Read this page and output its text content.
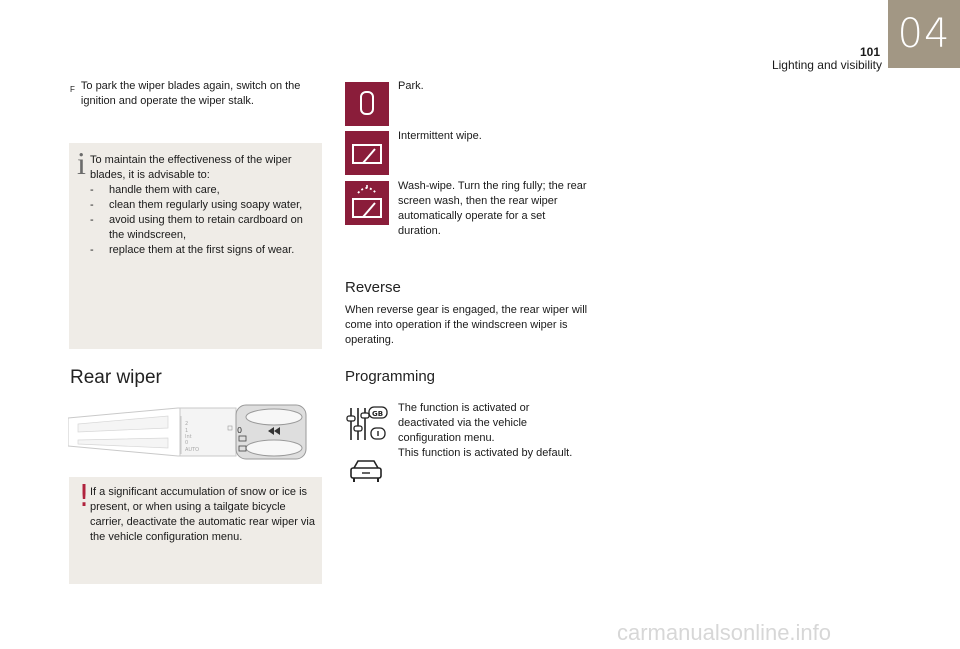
101
Lighting and visibility
04
F To park the wiper blades again, switch on the ignition and operate the wiper stalk.
i To maintain the effectiveness of the wiper blades, it is advisable to:
-	handle them with care,
-	clean them regularly using soapy water,
-	avoid using them to retain cardboard on the windscreen,
-	replace them at the first signs of wear.
Rear wiper
2
1
Int
0
AUTO
0
! If a significant accumulation of snow or ice is present, or when using a tailgate bicycle carrier, deactivate the automatic rear wiper via the vehicle configuration menu.
Park.
Intermittent wipe.
Wash-wipe. Turn the ring fully; the rear screen wash, then the rear wiper automatically operate for a set duration.
Reverse
When reverse gear is engaged, the rear wiper will come into operation if the windscreen wiper is operating.
Programming
GB The function is activated or deactivated via the vehicle configuration menu.
This function is activated by default.
carmanualsonline.info
